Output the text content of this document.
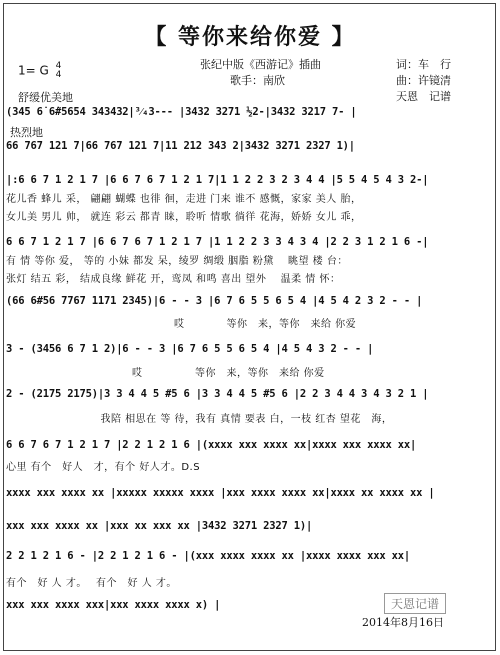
【 等你来给你爱 】
张纪中版《西游记》插曲
歌手：南欣
词：车　行
曲：许镜清
天恩　记谱
1= G 4
4
舒缓优美地
热烈地
(345 6̇ 6̇#5654 343432|³⁄₄3--- |3432 3271 ½2-|3432 3217 7- |
66 767 121 7|66 767 121 7|11 212 343 2|3432 3271 2327 1)|
|:6 6 7 1 2 1 7 |6 6 7 6 7 1 2 1 7|1 1 2 2 3 2 3 4 4 |5 5 4 5 4 3 2-|
花儿香 蜂儿 采， 翩翩 蝴蝶 也徘 徊，走进 门来 谁不 感慨，家家 美人 胎，
女儿美 男儿 帅， 就连 彩云 都青 睐，聆听 情歌 徜徉 花海，娇娇 女儿 乖，
6 6 7 1 2 1 7 |6 6 7 6 7 1 2 1 7 |1 1 2 2 3 3 4 3 4 |2 2 3 1 2 1 6 -|
有 情 等你 爱， 等的 小妹 都发 呆，绫罗 绸缎 胭脂 粉黛 　眺望 楼 台：
张灯 结五 彩， 结成良缘 鲜花 开，鸾凤 和鸣 喜出 望外 　温柔 情 怀：
(66 6#56 7767 1171 2345)|6 - - 3 |6 7 6 5 5 6 5 4 |4 5 4 2 3 2 - - |
　　　　　　　　　　　　　　　　哎　　　　等你　来，等你　来给 你爱
3 - (3456 6 7 1 2)|6 - - 3 |6 7 6 5 5 6 5 4 |4 5 4 3 2 - - |
　　　　　　　　　　　　哎　　　　　等你　来，等你　来给 你爱
2 - (2175 2175)|3 3 4 4 5 #5 6 |3 3 4 4 5 #5 6 |2 2 3 4 4 3 4 3 2 1 |
　　　　　　　　　我陪 相思在 等 待，我有 真情 要表 白，一枝 红杏 望花　海，
6 6 7 6 7 1 2 1 7 |2 2 1 2 1 6 |(xxxx xxx xxxx xx|xxxx xxx xxxx xx|
心里 有个　好人　才，有个 好人才。D.S
xxxx xxx xxxx xx |xxxxx xxxxx xxxx |xxx xxxx xxxx xx|xxxx xx xxxx xx |
xxx xxx xxxx xx |xxx xx xxx xx |3432 3271 2327 1)|
2 2 1 2 1 6 - |2 2 1 2 1 6 - |(xxx xxxx xxxx xx |xxxx xxxx xxx xx|
有个　好 人 才。　 有个　好 人 才。
xxx xxx xxxx xxx|xxx xxxx xxxx x) |	天恩记谱
2014年8月16日
